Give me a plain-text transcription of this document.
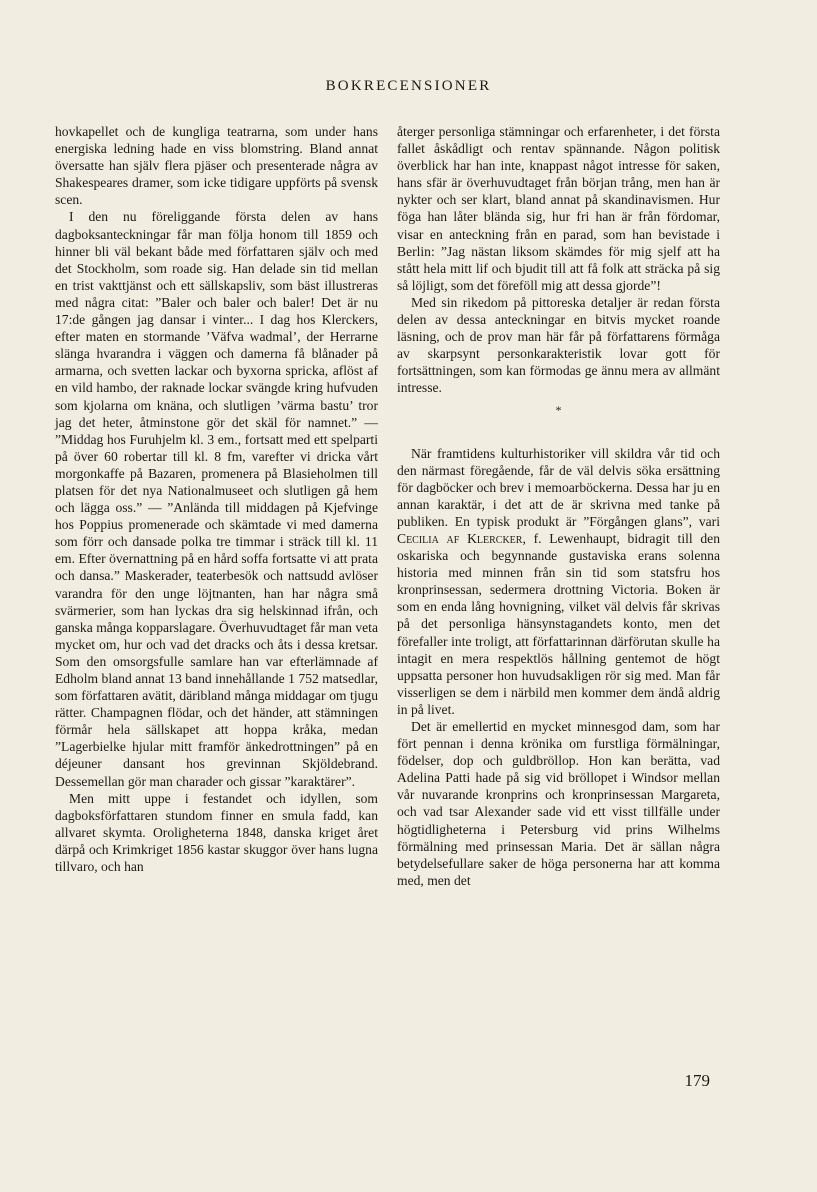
BOKRECENSIONER

hovkapellet och de kungliga teatrarna, som under hans energiska ledning hade en viss blomstring. Bland annat översatte han själv flera pjäser och presenterade några av Shakespeares dramer, som icke tidigare uppförts på svensk scen.

I den nu föreliggande första delen av hans dagboksanteckningar får man följa honom till 1859 och hinner bli väl bekant både med författaren själv och med det Stockholm, som roade sig. Han delade sin tid mellan en trist vakttjänst och ett sällskapsliv, som bäst illustreras med några citat: ”Baler och baler och baler! Det är nu 17:de gången jag dansar i vinter... I dag hos Klerckers, efter maten en stormande ’Väfva wadmal’, der Herrarne slänga hvarandra i väggen och damerna få blånader på armarna, och svetten lackar och byxorna spricka, aflöst af en vild hambo, der raknade lockar svängde kring hufvuden som kjolarna om knäna, och slutligen ’värma bastu’ tror jag det heter, åtminstone gör det skäl för namnet.” — ”Middag hos Furuhjelm kl. 3 em., fortsatt med ett spelparti på över 60 robertar till kl. 8 fm, varefter vi dricka vårt morgonkaffe på Bazaren, promenera på Blasieholmen till platsen för det nya Nationalmuseet och slutligen gå hem och lägga oss.” — ”Anlända till middagen på Kjefvinge hos Poppius promenerade och skämtade vi med damerna som förr och dansade polka tre timmar i sträck till kl. 11 em. Efter övernattning på en hård soffa fortsatte vi att prata och dansa.” Maskerader, teaterbesök och nattsudd avlöser varandra för den unge löjtnanten, han har några små svärmerier, som han lyckas dra sig helskinnad ifrån, och ganska många kopparslagare. Överhuvudtaget får man veta mycket om, hur och vad det dracks och åts i dessa kretsar. Som den omsorgsfulle samlare han var efterlämnade af Edholm bland annat 13 band innehållande 1 752 matsedlar, som författaren avätit, däribland många middagar om tjugu rätter. Champagnen flödar, och det händer, att stämningen förmår hela sällskapet att hoppa kråka, medan ”Lagerbielke hjular mitt framför änkedrottningen” på en déjeuner dansant hos grevinnan Skjöldebrand. Dessemellan gör man charader och gissar ”karaktärer”.

Men mitt uppe i festandet och idyllen, som dagboksförfattaren stundom finner en smula fadd, kan allvaret skymta. Oroligheterna 1848, danska kriget året därpå och Krimkriget 1856 kastar skuggor över hans lugna tillvaro, och han

återger personliga stämningar och erfarenheter, i det första fallet åskådligt och rentav spännande. Någon politisk överblick har han inte, knappast något intresse för saken, hans sfär är överhuvudtaget från början trång, men han är nykter och ser klart, bland annat på skandinavismen. Hur föga han låter blända sig, hur fri han är från fördomar, visar en anteckning från en parad, som han bevistade i Berlin: ”Jag nästan liksom skämdes för mig sjelf att ha stått hela mitt lif och bjudit till att få folk att sträcka på sig så löjligt, som det föreföll mig att dessa gjorde”!

Med sin rikedom på pittoreska detaljer är redan första delen av dessa anteckningar en bitvis mycket roande läsning, och de prov man här får på författarens förmåga av skarpsynt personkarakteristik lovar gott för fortsättningen, som kan förmodas ge ännu mera av allmänt intresse.

*

När framtidens kulturhistoriker vill skildra vår tid och den närmast föregående, får de väl delvis söka ersättning för dagböcker och brev i memoarböckerna. Dessa har ju en annan karaktär, i det att de är skrivna med tanke på publiken. En typisk produkt är ”Förgången glans”, vari Cecilia af Klercker, f. Lewenhaupt, bidragit till den oskariska och begynnande gustaviska erans solenna historia med minnen från sin tid som statsfru hos kronprinsessan, sedermera drottning Victoria. Boken är som en enda lång hovnigning, vilket väl delvis får skrivas på det personliga hänsynstagandets konto, men det förefaller inte troligt, att författarinnan därförutan skulle ha intagit en mera respektlös hållning gentemot de högt uppsatta personer hon huvudsakligen rör sig med. Man får visserligen se dem i närbild men kommer dem ändå aldrig in på livet.

Det är emellertid en mycket minnesgod dam, som har fört pennan i denna krönika om furstliga förmälningar, födelser, dop och guldbröllop. Hon kan berätta, vad Adelina Patti hade på sig vid bröllopet i Windsor mellan vår nuvarande kronprins och kronprinsessan Margareta, och vad tsar Alexander sade vid ett visst tillfälle under högtidligheterna i Petersburg vid prins Wilhelms förmälning med prinsessan Maria. Det är sällan några betydelsefullare saker de höga personerna har att komma med, men det

179
